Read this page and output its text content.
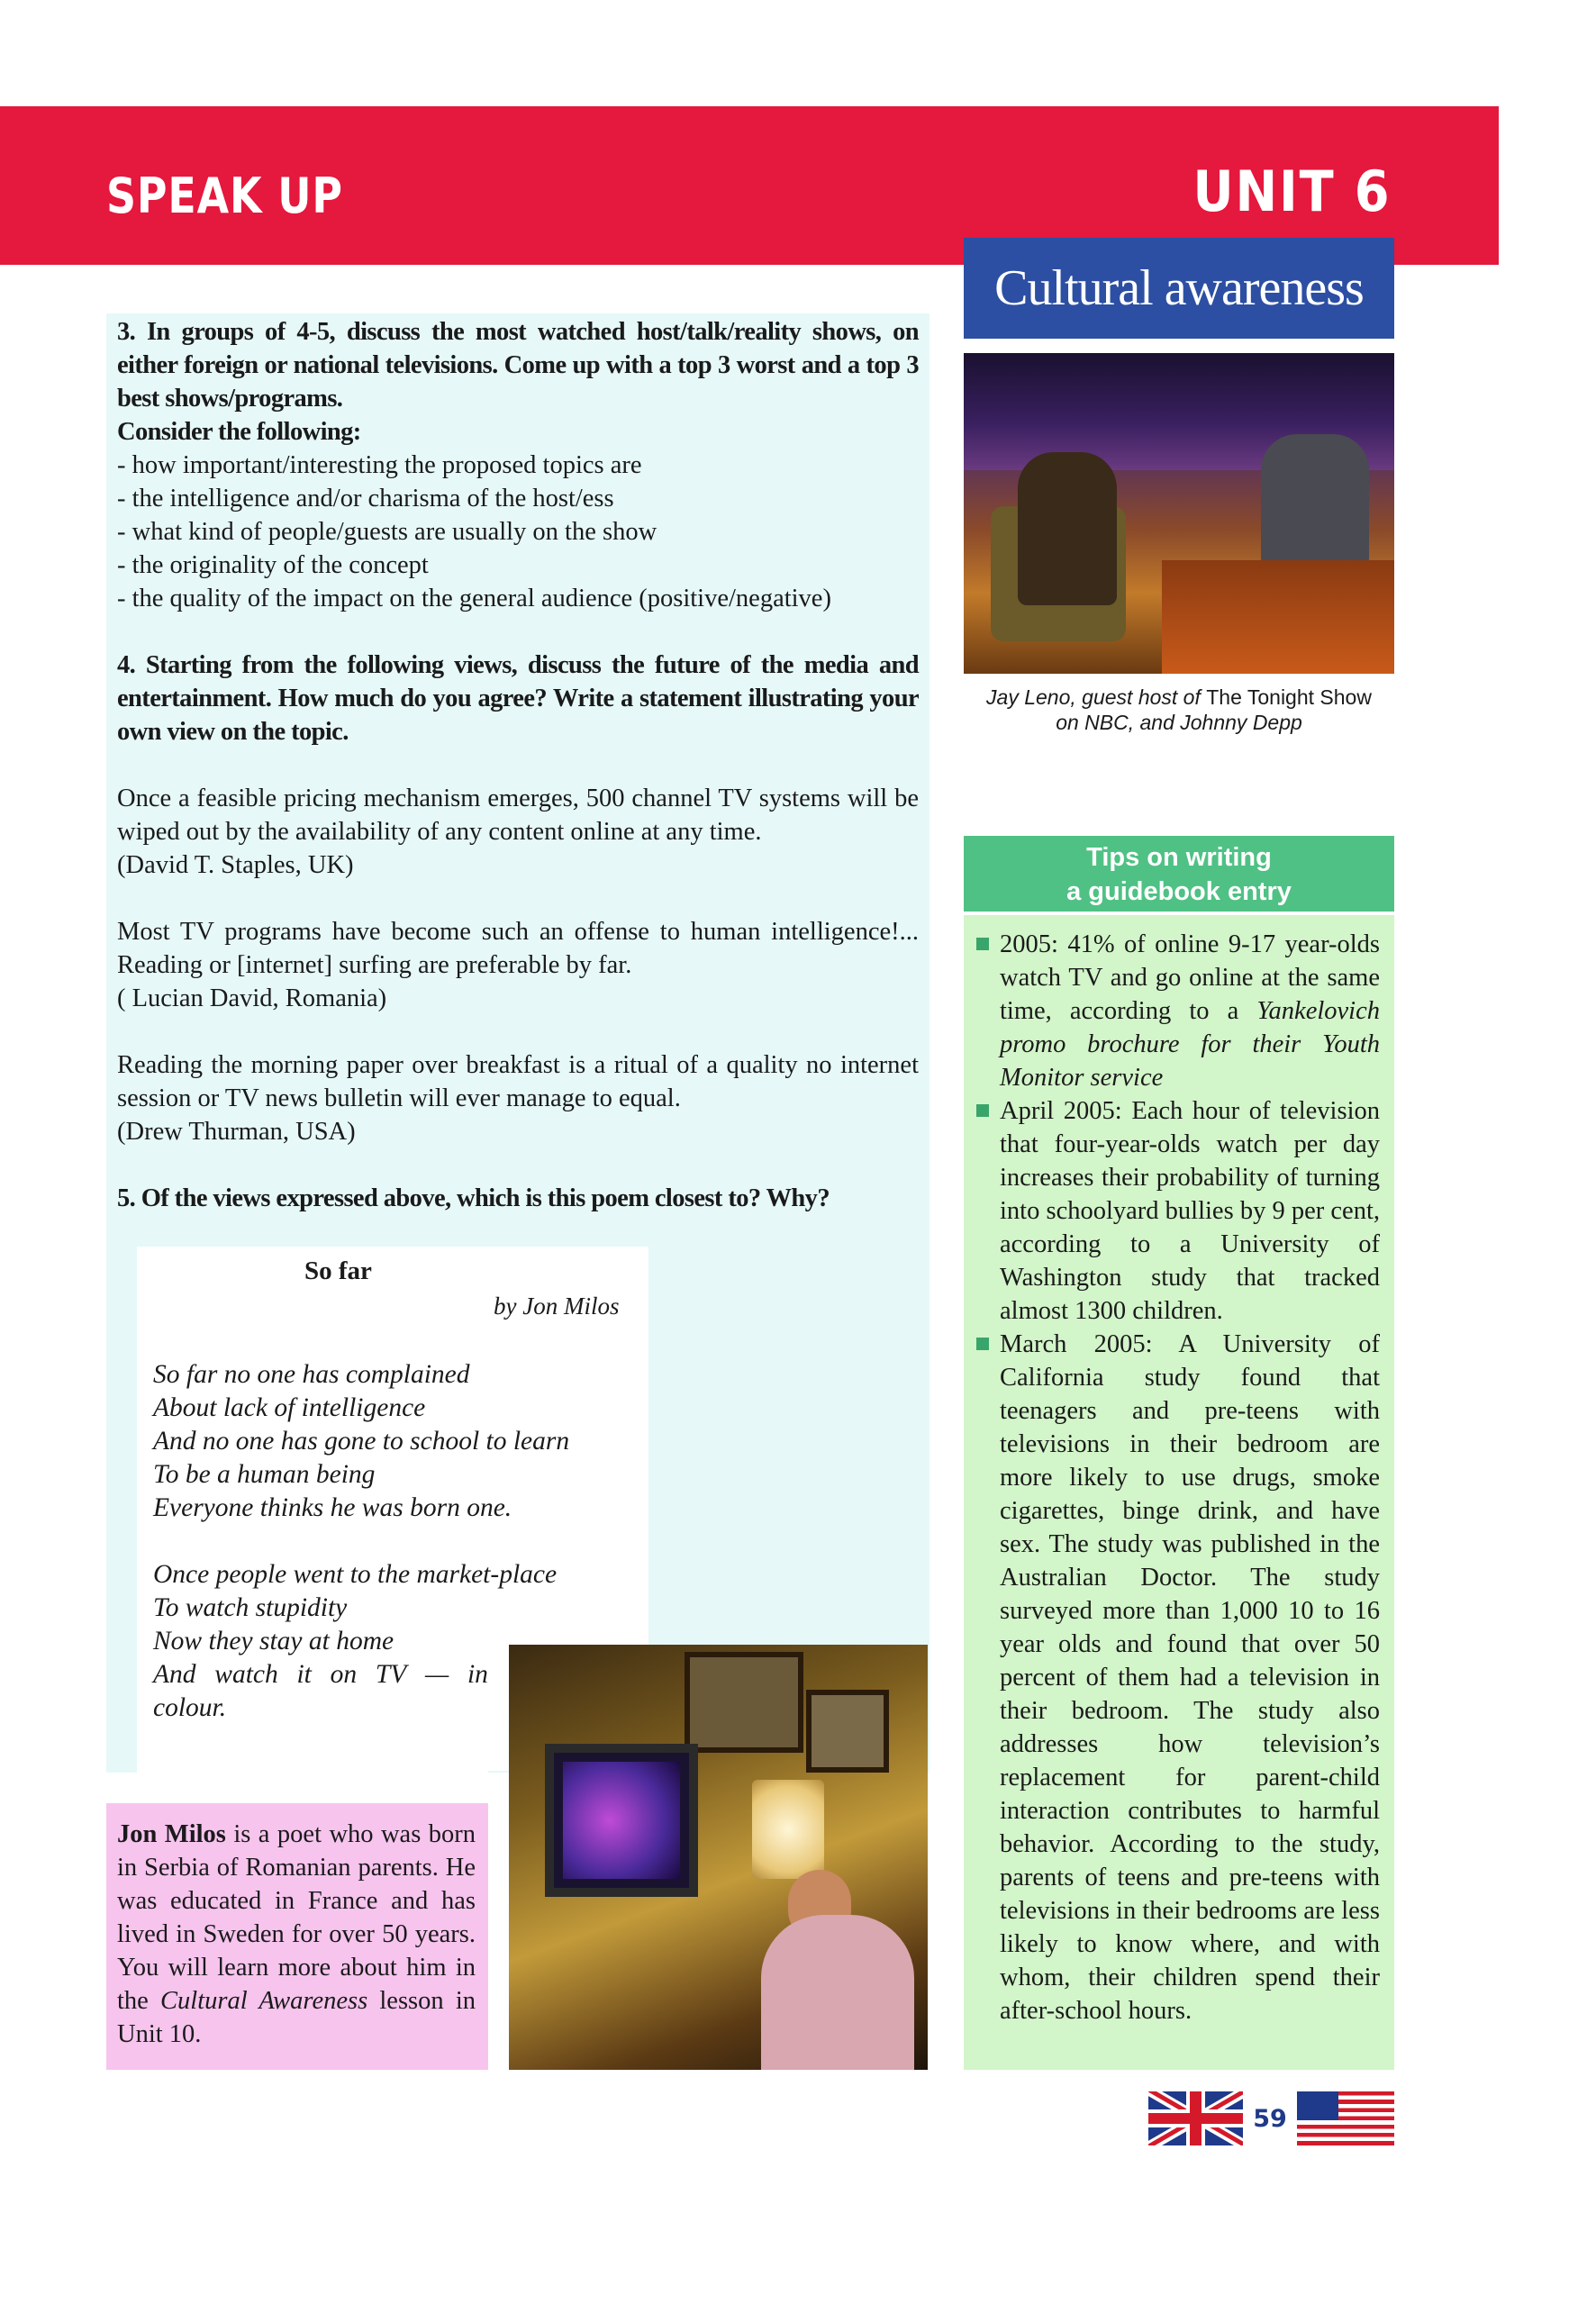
SPEAK UP	UNIT 6
Cultural awareness

3. In groups of 4-5, discuss the most watched host/talk/reality shows, on either foreign or national televisions. Come up with a top 3 worst and a top 3 best shows/programs.

Consider the following:

- how important/interesting the proposed topics are

- the intelligence and/or charisma of the host/ess

- what kind of people/guests are usually on the show

- the originality of the concept

- the quality of the impact on the general audience (positive/negative)

4. Starting from the following views, discuss the future of the media and entertainment. How much do you agree? Write a statement illustrating your own view on the topic.

Once a feasible pricing mechanism emerges, 500 channel TV systems will be wiped out by the availability of any content online at any time.

(David T. Staples, UK)

Most TV programs have become such an offense to human intelligence!... Reading or [internet] surfing are preferable by far.

( Lucian David, Romania)

Reading the morning paper over breakfast is a ritual of a quality no internet session or TV news bulletin will ever manage to equal.

(Drew Thurman, USA)

5. Of the views expressed above, which is this poem closest to? Why?

So far
by Jon Milos
So far no one has complained
About lack of intelligence
And no one has gone to school to learn
To be a human being
Everyone thinks he was born one.
Once people went to the market-place
To watch stupidity
Now they stay at home
And watch it on TV — in
colour.
Jon Milos is a poet who was born in Serbia of Romanian parents. He was educated in France and has lived in Sweden for over 50 years. You will learn more about him in the Cultural Awareness lesson in Unit 10.
Jay Leno, guest host of The Tonight Show
on NBC, and Johnny Depp
Tips on writing
a guidebook entry
2005: 41% of online 9-17 year-olds watch TV and go online at the same time, according to a Yankelovich promo brochure for their Youth Monitor service
April 2005: Each hour of television that four-year-olds watch per day increases their probability of turning into schoolyard bullies by 9 per cent, according to a University of Washington study that tracked almost 1300 children.
March 2005: A University of California study found that teenagers and pre-teens with televisions in their bedroom are more likely to use drugs, smoke cigarettes, binge drink, and have sex. The study was published in the Australian Doctor. The study surveyed more than 1,000 10 to 16 year olds and found that over 50 percent of them had a television in their bedroom. The study also addresses how television’s replacement for parent-child interaction contributes to harmful behavior. According to the study, parents of teens and pre-teens with televisions in their bedrooms are less likely to know where, and with whom, their children spend their after-school hours.
59
